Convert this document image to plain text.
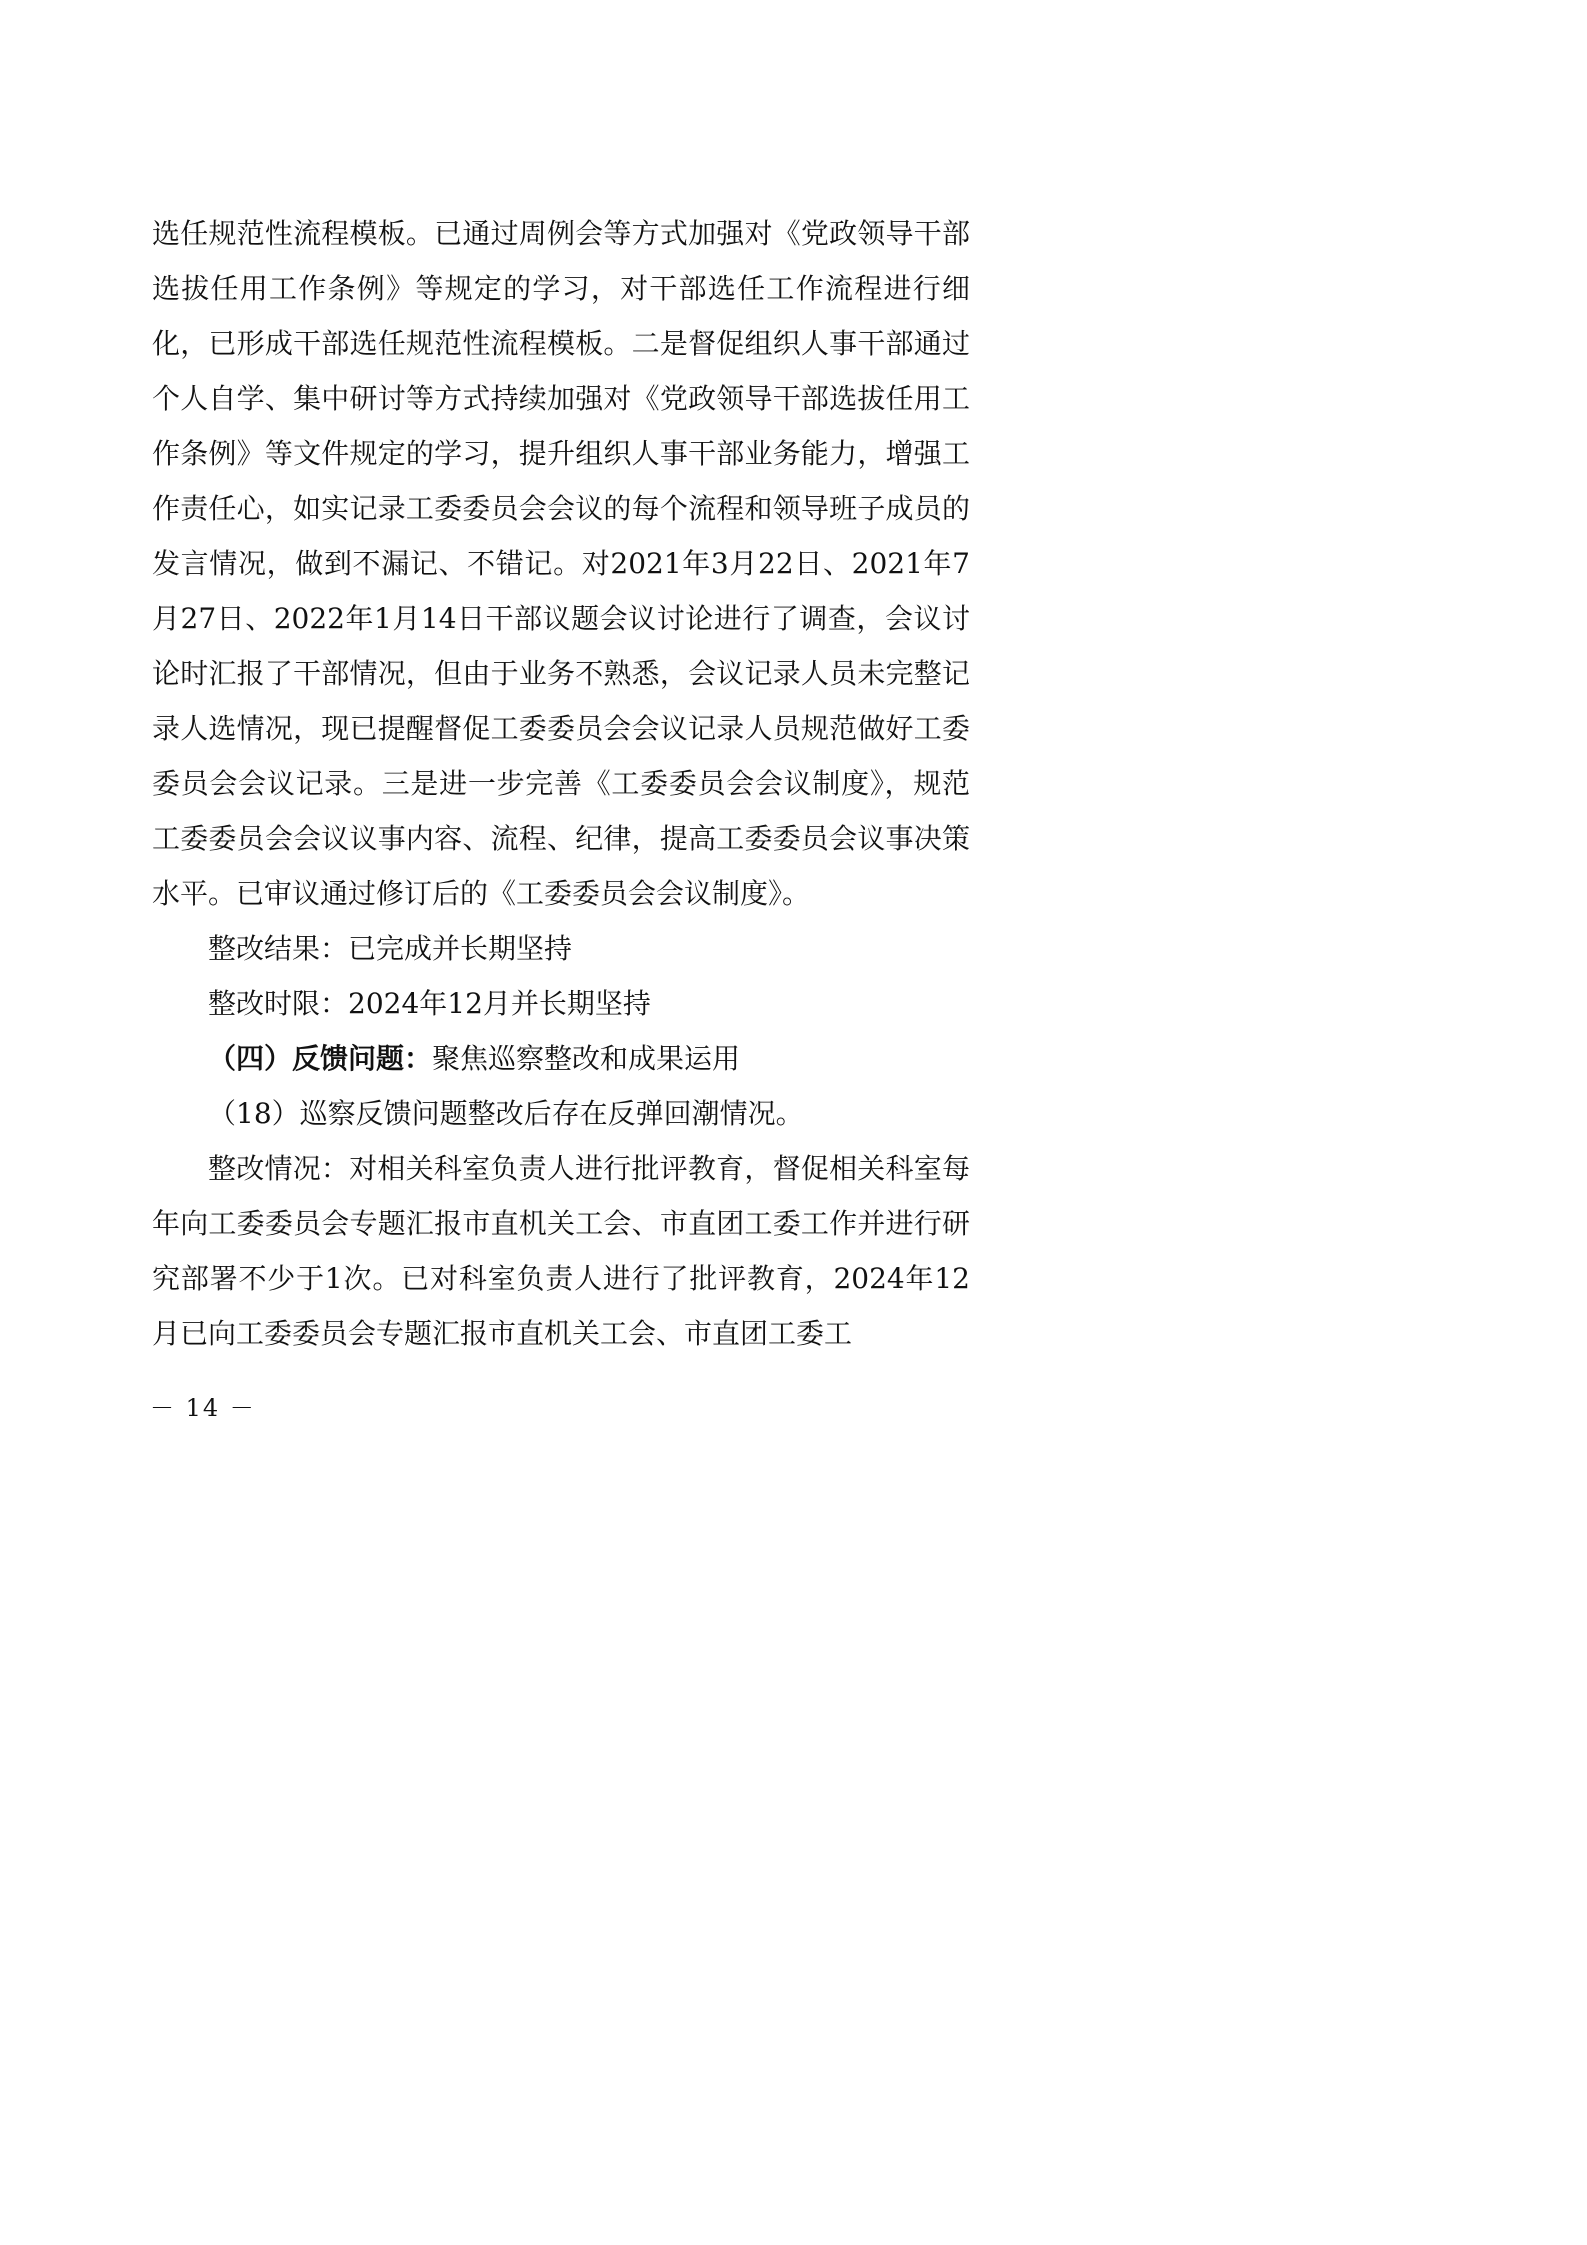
选任规范性流程模板。已通过周例会等方式加强对《党政领导干部选拔任用工作条例》等规定的学习，对干部选任工作流程进行细化，已形成干部选任规范性流程模板。二是督促组织人事干部通过个人自学、集中研讨等方式持续加强对《党政领导干部选拔任用工作条例》等文件规定的学习，提升组织人事干部业务能力，增强工作责任心，如实记录工委委员会会议的每个流程和领导班子成员的发言情况，做到不漏记、不错记。对2021年3月22日、2021年7月27日、2022年1月14日干部议题会议讨论进行了调查，会议讨论时汇报了干部情况，但由于业务不熟悉，会议记录人员未完整记录人选情况，现已提醒督促工委委员会会议记录人员规范做好工委委员会会议记录。三是进一步完善《工委委员会会议制度》，规范工委委员会会议议事内容、流程、纪律，提高工委委员会议事决策水平。已审议通过修订后的《工委委员会会议制度》。

整改结果：已完成并长期坚持

整改时限：2024年12月并长期坚持

（四）反馈问题：聚焦巡察整改和成果运用

（18）巡察反馈问题整改后存在反弹回潮情况。

整改情况：对相关科室负责人进行批评教育，督促相关科室每年向工委委员会专题汇报市直机关工会、市直团工委工作并进行研究部署不少于1次。已对科室负责人进行了批评教育，2024年12月已向工委委员会专题汇报市直机关工会、市直团工委工

－ 14 －
